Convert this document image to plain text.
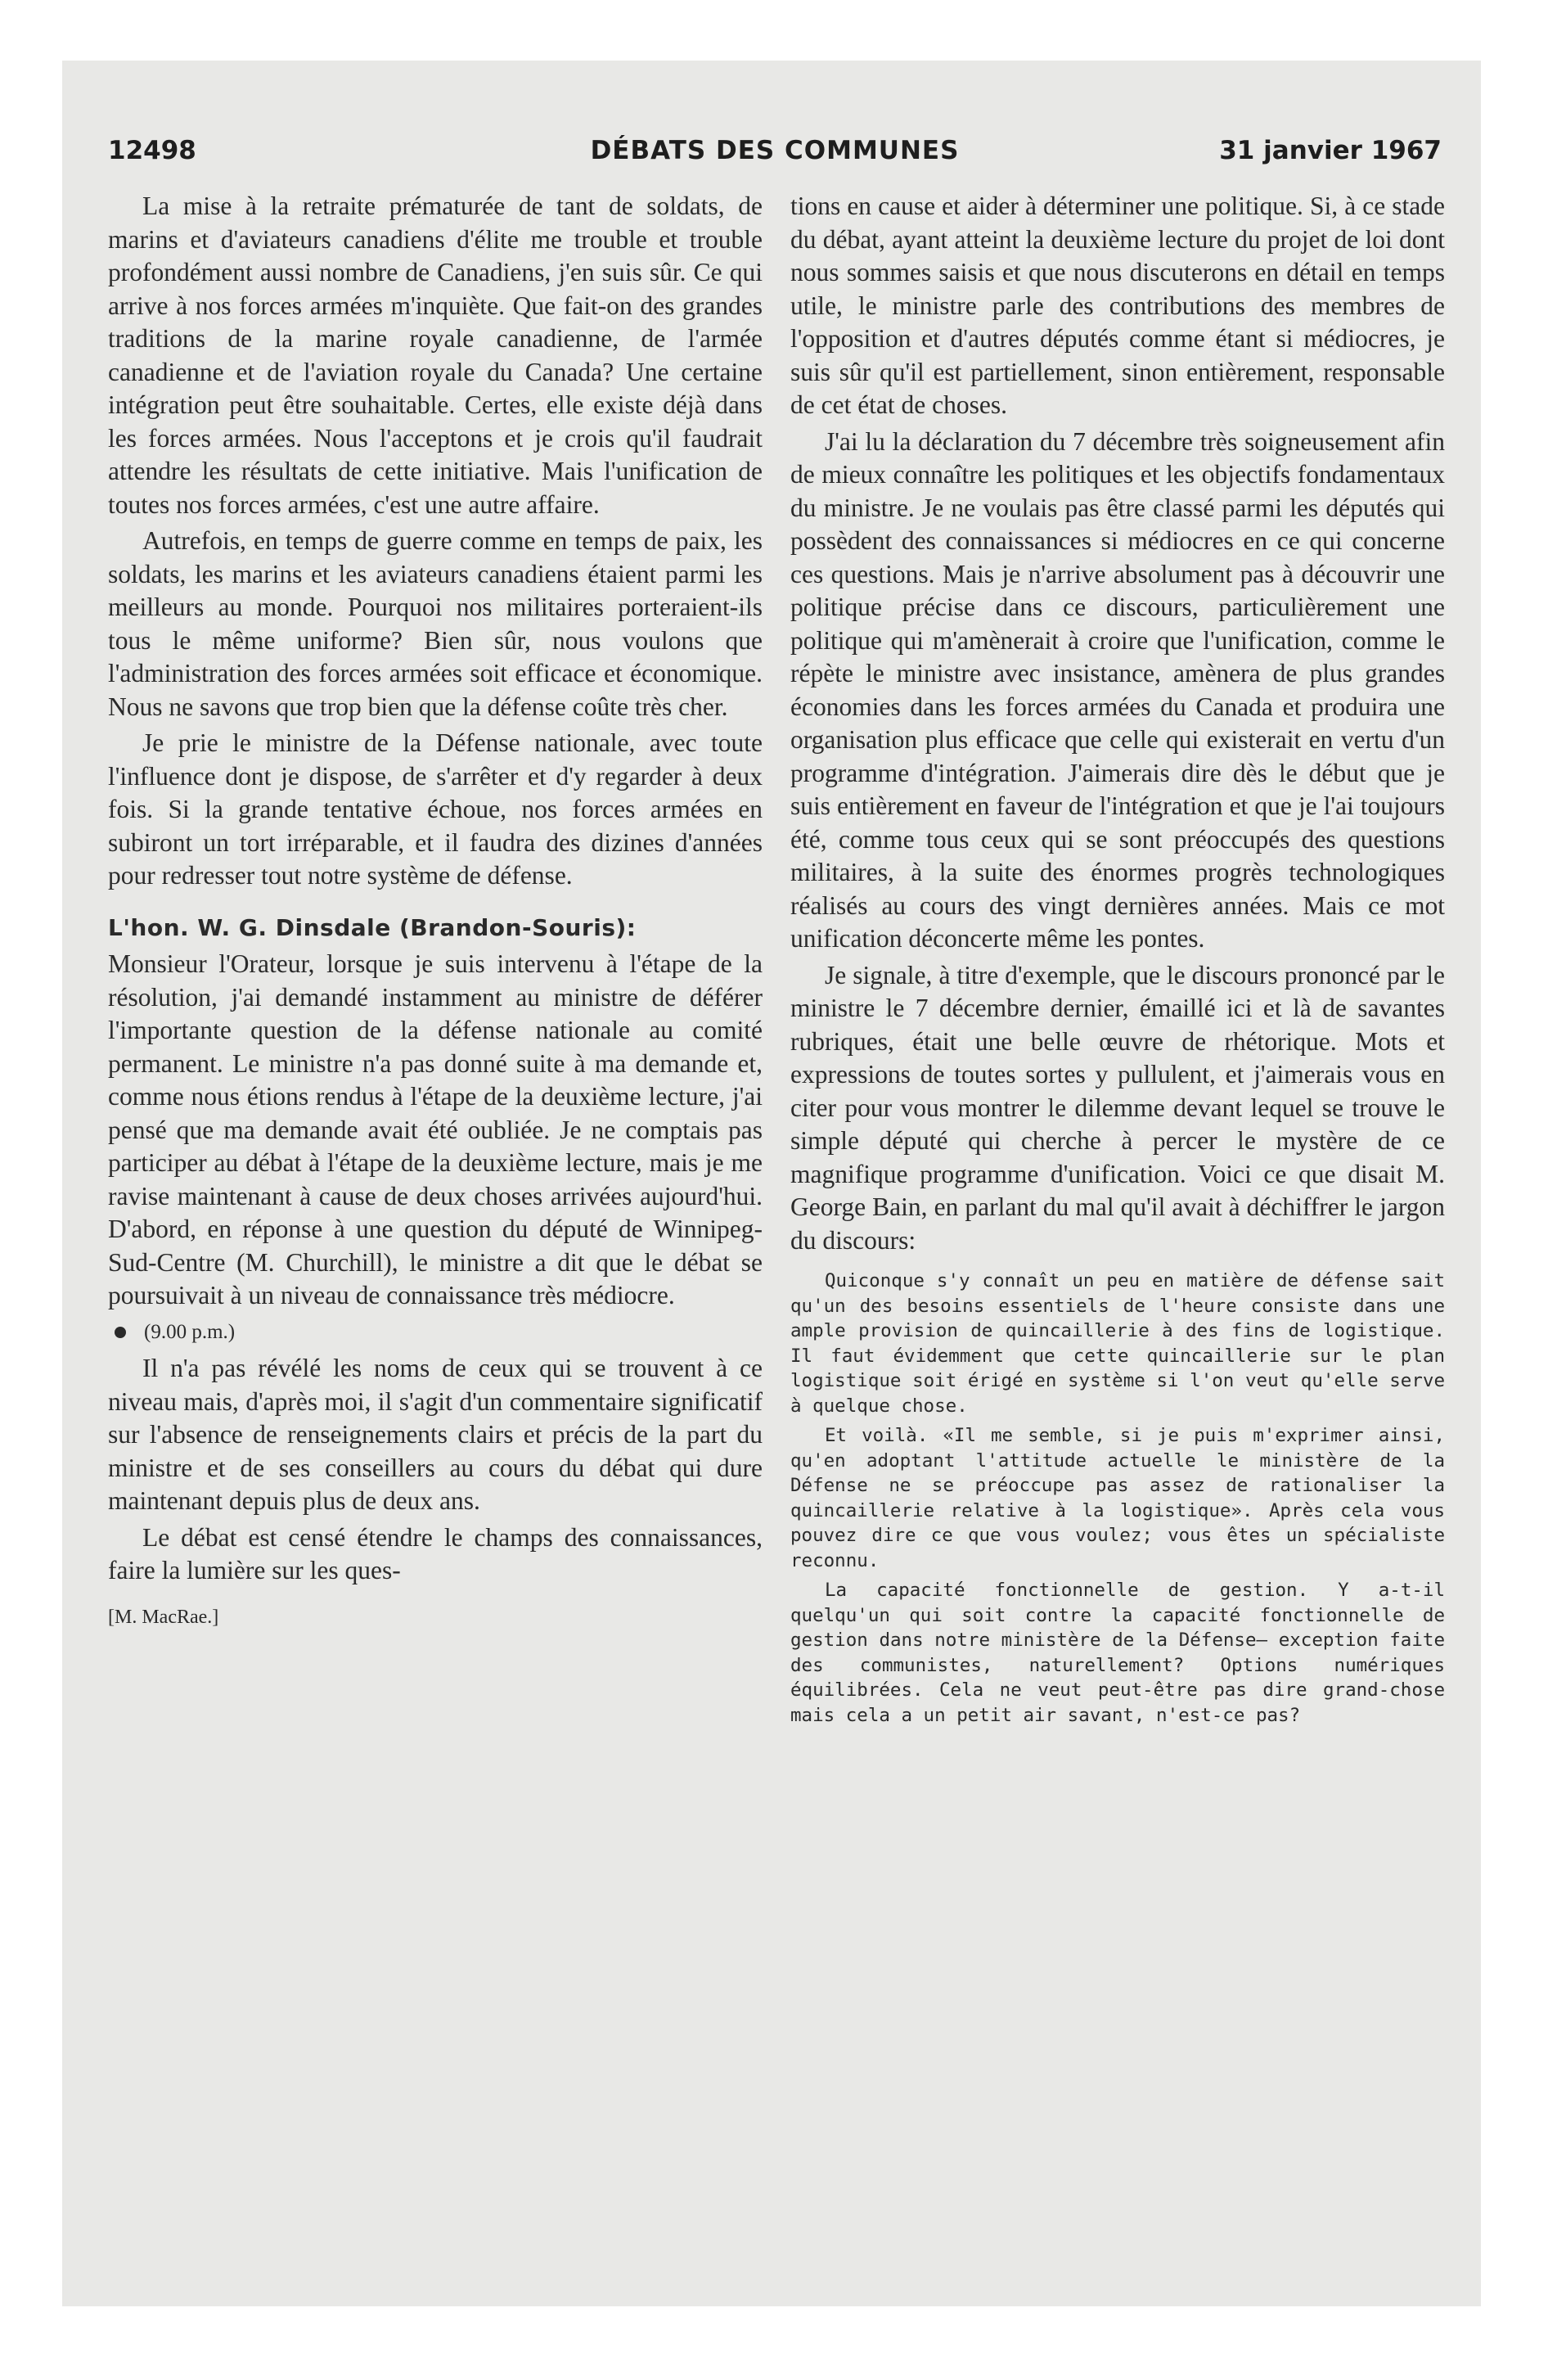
12498	DÉBATS DES COMMUNES	31 janvier 1967

La mise à la retraite prématurée de tant de soldats, de marins et d'aviateurs canadiens d'élite me trouble et trouble profondément aussi nombre de Canadiens, j'en suis sûr. Ce qui arrive à nos forces armées m'inquiète. Que fait-on des grandes traditions de la marine royale canadienne, de l'armée canadienne et de l'aviation royale du Canada? Une certaine intégration peut être souhaitable. Certes, elle existe déjà dans les forces armées. Nous l'acceptons et je crois qu'il faudrait attendre les résultats de cette initiative. Mais l'unification de toutes nos forces armées, c'est une autre affaire.

Autrefois, en temps de guerre comme en temps de paix, les soldats, les marins et les aviateurs canadiens étaient parmi les meilleurs au monde. Pourquoi nos militaires porteraient-ils tous le même uniforme? Bien sûr, nous voulons que l'administration des forces armées soit efficace et économique. Nous ne savons que trop bien que la défense coûte très cher.

Je prie le ministre de la Défense nationale, avec toute l'influence dont je dispose, de s'arrêter et d'y regarder à deux fois. Si la grande tentative échoue, nos forces armées en subiront un tort irréparable, et il faudra des dizines d'années pour redresser tout notre système de défense.

L'hon. W. G. Dinsdale (Brandon-Souris):

Monsieur l'Orateur, lorsque je suis intervenu à l'étape de la résolution, j'ai demandé instamment au ministre de déférer l'importante question de la défense nationale au comité permanent. Le ministre n'a pas donné suite à ma demande et, comme nous étions rendus à l'étape de la deuxième lecture, j'ai pensé que ma demande avait été oubliée. Je ne comptais pas participer au débat à l'étape de la deuxième lecture, mais je me ravise maintenant à cause de deux choses arrivées aujourd'hui. D'abord, en réponse à une question du député de Winnipeg-Sud-Centre (M. Churchill), le ministre a dit que le débat se poursuivait à un niveau de connaissance très médiocre.

(9.00 p.m.)

Il n'a pas révélé les noms de ceux qui se trouvent à ce niveau mais, d'après moi, il s'agit d'un commentaire significatif sur l'absence de renseignements clairs et précis de la part du ministre et de ses conseillers au cours du débat qui dure maintenant depuis plus de deux ans.

Le débat est censé étendre le champs des connaissances, faire la lumière sur les ques-

[M. MacRae.]

tions en cause et aider à déterminer une politique. Si, à ce stade du débat, ayant atteint la deuxième lecture du projet de loi dont nous sommes saisis et que nous discuterons en détail en temps utile, le ministre parle des contributions des membres de l'opposition et d'autres députés comme étant si médiocres, je suis sûr qu'il est partiellement, sinon entièrement, responsable de cet état de choses.

J'ai lu la déclaration du 7 décembre très soigneusement afin de mieux connaître les politiques et les objectifs fondamentaux du ministre. Je ne voulais pas être classé parmi les députés qui possèdent des connaissances si médiocres en ce qui concerne ces questions. Mais je n'arrive absolument pas à découvrir une politique précise dans ce discours, particulièrement une politique qui m'amènerait à croire que l'unification, comme le répète le ministre avec insistance, amènera de plus grandes économies dans les forces armées du Canada et produira une organisation plus efficace que celle qui existerait en vertu d'un programme d'intégration. J'aimerais dire dès le début que je suis entièrement en faveur de l'intégration et que je l'ai toujours été, comme tous ceux qui se sont préoccupés des questions militaires, à la suite des énormes progrès technologiques réalisés au cours des vingt dernières années. Mais ce mot unification déconcerte même les pontes.

Je signale, à titre d'exemple, que le discours prononcé par le ministre le 7 décembre dernier, émaillé ici et là de savantes rubriques, était une belle œuvre de rhétorique. Mots et expressions de toutes sortes y pullulent, et j'aimerais vous en citer pour vous montrer le dilemme devant lequel se trouve le simple député qui cherche à percer le mystère de ce magnifique programme d'unification. Voici ce que disait M. George Bain, en parlant du mal qu'il avait à déchiffrer le jargon du discours:

Quiconque s'y connaît un peu en matière de défense sait qu'un des besoins essentiels de l'heure consiste dans une ample provision de quincaillerie à des fins de logistique. Il faut évidemment que cette quincaillerie sur le plan logistique soit érigé en système si l'on veut qu'elle serve à quelque chose.

Et voilà. «Il me semble, si je puis m'exprimer ainsi, qu'en adoptant l'attitude actuelle le ministère de la Défense ne se préoccupe pas assez de rationaliser la quincaillerie relative à la logistique». Après cela vous pouvez dire ce que vous voulez; vous êtes un spécialiste reconnu.

La capacité fonctionnelle de gestion. Y a-t-il quelqu'un qui soit contre la capacité fonctionnelle de gestion dans notre ministère de la Défense— exception faite des communistes, naturellement? Options numériques équilibrées. Cela ne veut peut-être pas dire grand-chose mais cela a un petit air savant, n'est-ce pas?
